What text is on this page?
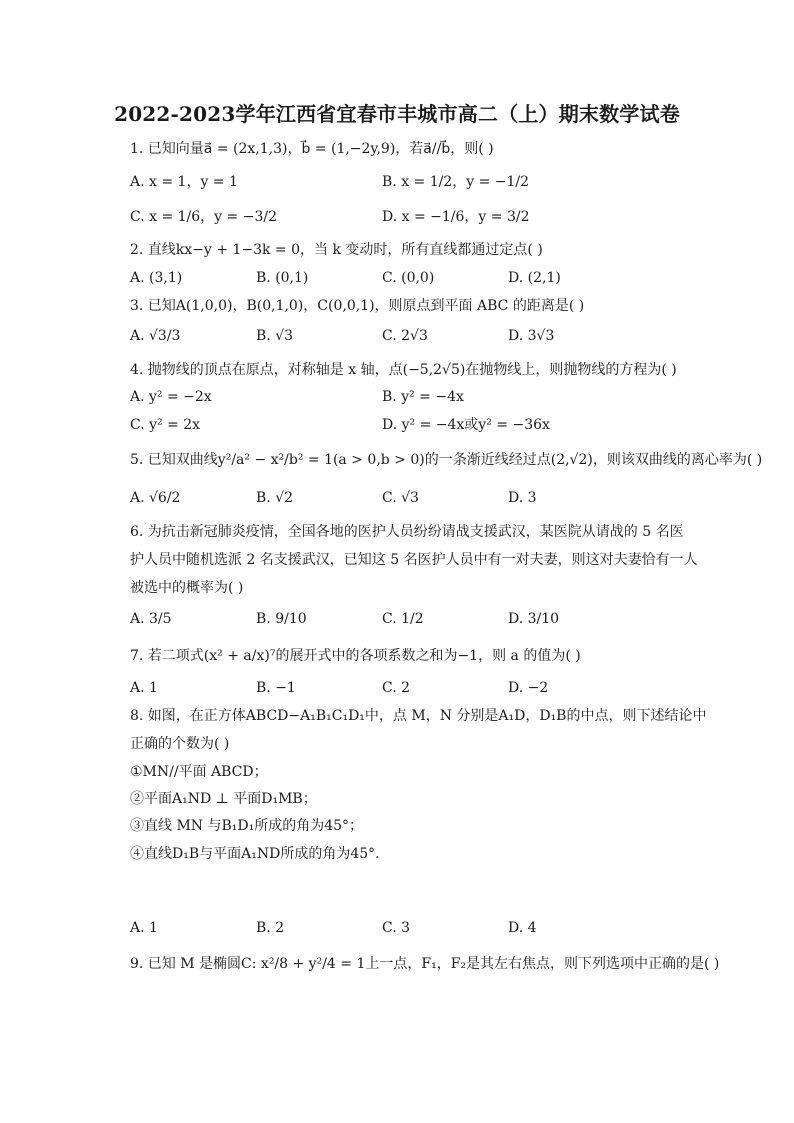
2022-2023学年江西省宜春市丰城市高二（上）期末数学试卷
1. 已知向量a⃗ = (2x,1,3)，b⃗ = (1,−2y,9)，若a⃗//b⃗，则( )
A. x = 1，y = 1	B. x = 1/2，y = −1/2
C. x = 1/6，y = −3/2	D. x = −1/6，y = 3/2
2. 直线kx−y + 1−3k = 0，当 k 变动时，所有直线都通过定点( )
A. (3,1)	B. (0,1)	C. (0,0)	D. (2,1)
3. 已知A(1,0,0)，B(0,1,0)，C(0,0,1)，则原点到平面 ABC 的距离是( )
A. √3/3	B. √3	C. 2√3	D. 3√3
4. 抛物线的顶点在原点，对称轴是 x 轴，点(−5,2√5)在抛物线上，则抛物线的方程为( )
A. y² = −2x	B. y² = −4x
C. y² = 2x	D. y² = −4x或y² = −36x
5. 已知双曲线y²/a² − x²/b² = 1(a > 0,b > 0)的一条渐近线经过点(2,√2)，则该双曲线的离心率为( )
A. √6/2	B. √2	C. √3	D. 3
6. 为抗击新冠肺炎疫情，全国各地的医护人员纷纷请战支援武汉，某医院从请战的 5 名医
护人员中随机选派 2 名支援武汉，已知这 5 名医护人员中有一对夫妻，则这对夫妻恰有一人
被选中的概率为( )
A. 3/5	B. 9/10	C. 1/2	D. 3/10
7. 若二项式(x² + a/x)⁷的展开式中的各项系数之和为−1，则 a 的值为( )
A. 1	B. −1	C. 2	D. −2
8. 如图，在正方体ABCD−A₁B₁C₁D₁中，点 M，N 分别是A₁D，D₁B的中点，则下述结论中
正确的个数为( )
①MN//平面 ABCD；
②平面A₁ND ⊥ 平面D₁MB；
③直线 MN 与B₁D₁所成的角为45°；
④直线D₁B与平面A₁ND所成的角为45°.
A. 1	B. 2	C. 3	D. 4
9. 已知 M 是椭圆C: x²/8 + y²/4 = 1上一点，F₁，F₂是其左右焦点，则下列选项中正确的是( )
